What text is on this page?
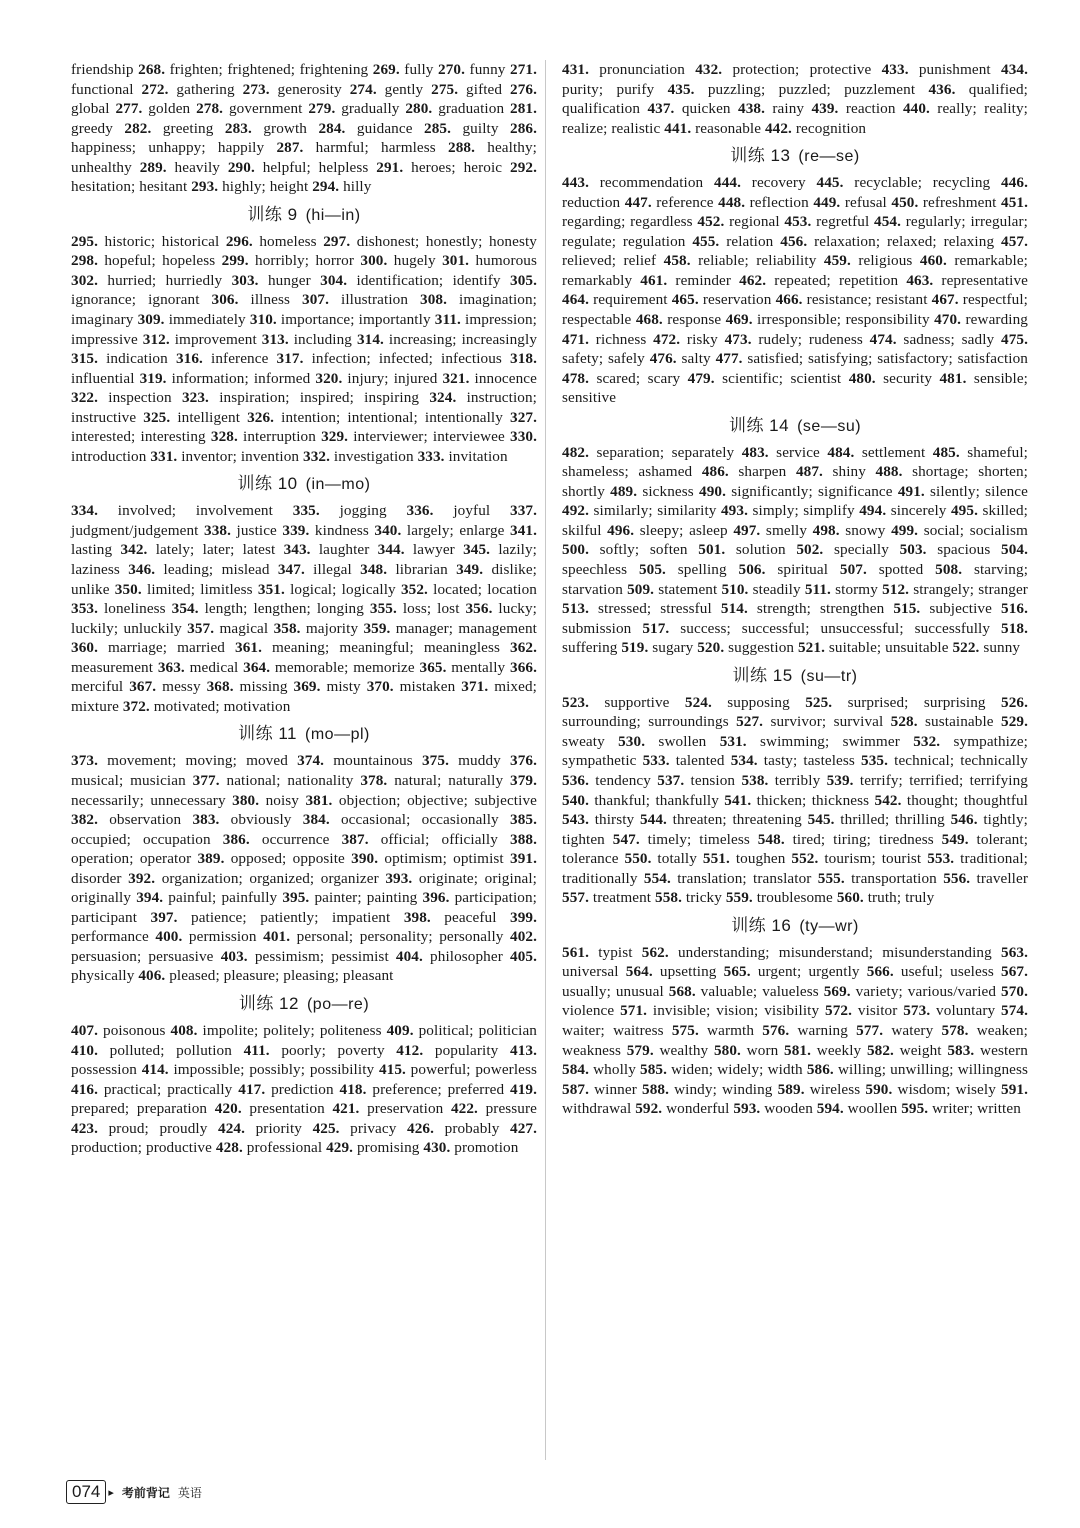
friendship 268. frighten; frightened; frightening 269. fully 270. funny 271. functional 272. gathering 273. generosity 274. gently 275. gifted 276. global 277. golden 278. government 279. gradually 280. graduation 281. greedy 282. greeting 283. growth 284. guidance 285. guilty 286. happiness; unhappy; happily 287. harmful; harmless 288. healthy; unhealthy 289. heavily 290. helpful; helpless 291. heroes; heroic 292. hesitation; hesitant 293. highly; height 294. hilly
训练 9 (hi—in)
295. historic; historical 296. homeless 297. dishonest; honestly; honesty 298. hopeful; hopeless 299. horribly; horror 300. hugely 301. humorous 302. hurried; hurriedly 303. hunger 304. identification; identify 305. ignorance; ignorant 306. illness 307. illustration 308. imagination; imaginary 309. immediately 310. importance; importantly 311. impression; impressive 312. improvement 313. including 314. increasing; increasingly 315. indication 316. inference 317. infection; infected; infectious 318. influential 319. information; informed 320. injury; injured 321. innocence 322. inspection 323. inspiration; inspired; inspiring 324. instruction; instructive 325. intelligent 326. intention; intentional; intentionally 327. interested; interesting 328. interruption 329. interviewer; interviewee 330. introduction 331. inventor; invention 332. investigation 333. invitation
训练 10 (in—mo)
334. involved; involvement 335. jogging 336. joyful 337. judgment/judgement 338. justice 339. kindness 340. largely; enlarge 341. lasting 342. lately; later; latest 343. laughter 344. lawyer 345. lazily; laziness 346. leading; mislead 347. illegal 348. librarian 349. dislike; unlike 350. limited; limitless 351. logical; logically 352. located; location 353. loneliness 354. length; lengthen; longing 355. loss; lost 356. lucky; luckily; unluckily 357. magical 358. majority 359. manager; management 360. marriage; married 361. meaning; meaningful; meaningless 362. measurement 363. medical 364. memorable; memorize 365. mentally 366. merciful 367. messy 368. missing 369. misty 370. mistaken 371. mixed; mixture 372. motivated; motivation
训练 11 (mo—pl)
373. movement; moving; moved 374. mountainous 375. muddy 376. musical; musician 377. national; nationality 378. natural; naturally 379. necessarily; unnecessary 380. noisy 381. objection; objective; subjective 382. observation 383. obviously 384. occasional; occasionally 385. occupied; occupation 386. occurrence 387. official; officially 388. operation; operator 389. opposed; opposite 390. optimism; optimist 391. disorder 392. organization; organized; organizer 393. originate; original; originally 394. painful; painfully 395. painter; painting 396. participation; participant 397. patience; patiently; impatient 398. peaceful 399. performance 400. permission 401. personal; personality; personally 402. persuasion; persuasive 403. pessimism; pessimist 404. philosopher 405. physically 406. pleased; pleasure; pleasing; pleasant
训练 12 (po—re)
407. poisonous 408. impolite; politely; politeness 409. political; politician 410. polluted; pollution 411. poorly; poverty 412. popularity 413. possession 414. impossible; possibly; possibility 415. powerful; powerless 416. practical; practically 417. prediction 418. preference; preferred 419. prepared; preparation 420. presentation 421. preservation 422. pressure 423. proud; proudly 424. priority 425. privacy 426. probably 427. production; productive 428. professional 429. promising 430. promotion
431. pronunciation 432. protection; protective 433. punishment 434. purity; purify 435. puzzling; puzzled; puzzlement 436. qualified; qualification 437. quicken 438. rainy 439. reaction 440. really; reality; realize; realistic 441. reasonable 442. recognition
训练 13 (re—se)
443. recommendation 444. recovery 445. recyclable; recycling 446. reduction 447. reference 448. reflection 449. refusal 450. refreshment 451. regarding; regardless 452. regional 453. regretful 454. regularly; irregular; regulate; regulation 455. relation 456. relaxation; relaxed; relaxing 457. relieved; relief 458. reliable; reliability 459. religious 460. remarkable; remarkably 461. reminder 462. repeated; repetition 463. representative 464. requirement 465. reservation 466. resistance; resistant 467. respectful; respectable 468. response 469. irresponsible; responsibility 470. rewarding 471. richness 472. risky 473. rudely; rudeness 474. sadness; sadly 475. safety; safely 476. salty 477. satisfied; satisfying; satisfactory; satisfaction 478. scared; scary 479. scientific; scientist 480. security 481. sensible; sensitive
训练 14 (se—su)
482. separation; separately 483. service 484. settlement 485. shameful; shameless; ashamed 486. sharpen 487. shiny 488. shortage; shorten; shortly 489. sickness 490. significantly; significance 491. silently; silence 492. similarly; similarity 493. simply; simplify 494. sincerely 495. skilled; skilful 496. sleepy; asleep 497. smelly 498. snowy 499. social; socialism 500. softly; soften 501. solution 502. specially 503. spacious 504. speechless 505. spelling 506. spiritual 507. spotted 508. starving; starvation 509. statement 510. steadily 511. stormy 512. strangely; stranger 513. stressed; stressful 514. strength; strengthen 515. subjective 516. submission 517. success; successful; unsuccessful; successfully 518. suffering 519. sugary 520. suggestion 521. suitable; unsuitable 522. sunny
训练 15 (su—tr)
523. supportive 524. supposing 525. surprised; surprising 526. surrounding; surroundings 527. survivor; survival 528. sustainable 529. sweaty 530. swollen 531. swimming; swimmer 532. sympathize; sympathetic 533. talented 534. tasty; tasteless 535. technical; technically 536. tendency 537. tension 538. terribly 539. terrify; terrified; terrifying 540. thankful; thankfully 541. thicken; thickness 542. thought; thoughtful 543. thirsty 544. threaten; threatening 545. thrilled; thrilling 546. tightly; tighten 547. timely; timeless 548. tired; tiring; tiredness 549. tolerant; tolerance 550. totally 551. toughen 552. tourism; tourist 553. traditional; traditionally 554. translation; translator 555. transportation 556. traveller 557. treatment 558. tricky 559. troublesome 560. truth; truly
训练 16 (ty—wr)
561. typist 562. understanding; misunderstand; misunderstanding 563. universal 564. upsetting 565. urgent; urgently 566. useful; useless 567. usually; unusual 568. valuable; valueless 569. variety; various/varied 570. violence 571. invisible; vision; visibility 572. visitor 573. voluntary 574. waiter; waitress 575. warmth 576. warning 577. watery 578. weaken; weakness 579. wealthy 580. worn 581. weekly 582. weight 583. western 584. wholly 585. widen; widely; width 586. willing; unwilling; willingness 587. winner 588. windy; winding 589. wireless 590. wisdom; wisely 591. withdrawal 592. wonderful 593. wooden 594. woollen 595. writer; written
074 ▸ 考前背记 英语
